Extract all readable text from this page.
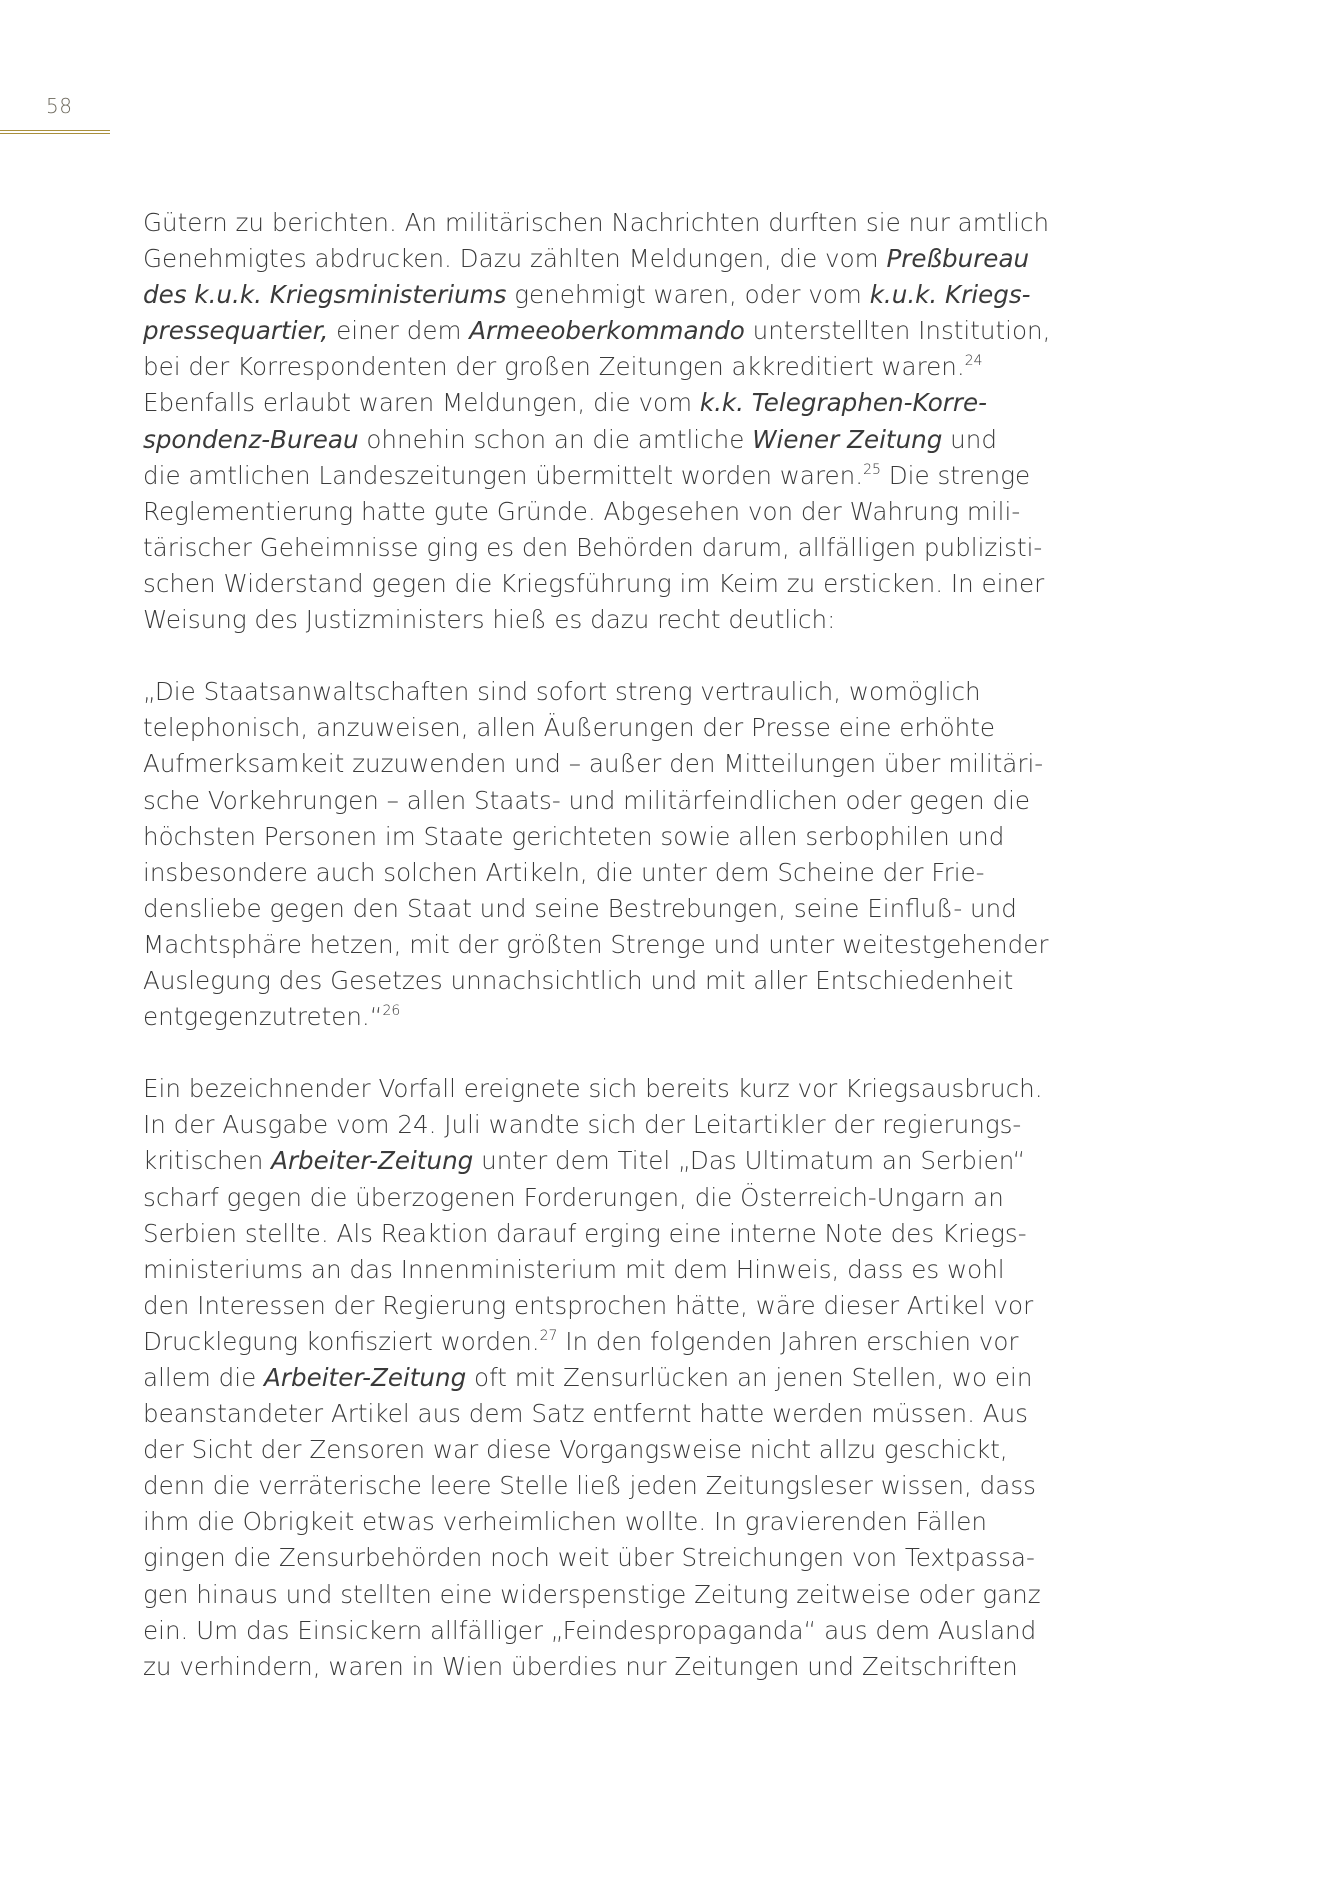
58
Gütern zu berichten. An militärischen Nachrichten durften sie nur amtlich
Genehmigtes abdrucken. Dazu zählten Meldungen, die vom Preßbureau
des k.u.k. Kriegsministeriums genehmigt waren, oder vom k.u.k. Kriegs-
pressequartier, einer dem Armeeoberkommando unterstellten Institution,
bei der Korrespondenten der großen Zeitungen akkreditiert waren.$^{24}$
Ebenfalls erlaubt waren Meldungen, die vom k.k. Telegraphen-Korre-
spondenz-Bureau ohnehin schon an die amtliche Wiener Zeitung und
die amtlichen Landeszeitungen übermittelt worden waren.$^{25}$ Die strenge
Reglementierung hatte gute Gründe. Abgesehen von der Wahrung mili-
tärischer Geheimnisse ging es den Behörden darum, allfälligen publizisti-
schen Widerstand gegen die Kriegsführung im Keim zu ersticken. In einer
Weisung des Justizministers hieß es dazu recht deutlich:
„Die Staatsanwaltschaften sind sofort streng vertraulich, womöglich
telephonisch, anzuweisen, allen Äußerungen der Presse eine erhöhte
Aufmerksamkeit zuzuwenden und – außer den Mitteilungen über militäri-
sche Vorkehrungen – allen Staats- und militärfeindlichen oder gegen die
höchsten Personen im Staate gerichteten sowie allen serbophilen und
insbesondere auch solchen Artikeln, die unter dem Scheine der Frie-
densliebe gegen den Staat und seine Bestrebungen, seine Einfluß- und
Machtsphäre hetzen, mit der größten Strenge und unter weitestgehender
Auslegung des Gesetzes unnachsichtlich und mit aller Entschiedenheit
entgegenzutreten.“$^{26}$
Ein bezeichnender Vorfall ereignete sich bereits kurz vor Kriegsausbruch.
In der Ausgabe vom 24. Juli wandte sich der Leitartikler der regierungs-
kritischen Arbeiter-Zeitung unter dem Titel „Das Ultimatum an Serbien“
scharf gegen die überzogenen Forderungen, die Österreich-Ungarn an
Serbien stellte. Als Reaktion darauf erging eine interne Note des Kriegs-
ministeriums an das Innenministerium mit dem Hinweis, dass es wohl
den Interessen der Regierung entsprochen hätte, wäre dieser Artikel vor
Drucklegung konfisziert worden.$^{27}$ In den folgenden Jahren erschien vor
allem die Arbeiter-Zeitung oft mit Zensurlücken an jenen Stellen, wo ein
beanstandeter Artikel aus dem Satz entfernt hatte werden müssen. Aus
der Sicht der Zensoren war diese Vorgangsweise nicht allzu geschickt,
denn die verräterische leere Stelle ließ jeden Zeitungsleser wissen, dass
ihm die Obrigkeit etwas verheimlichen wollte. In gravierenden Fällen
gingen die Zensurbehörden noch weit über Streichungen von Textpassa-
gen hinaus und stellten eine widerspenstige Zeitung zeitweise oder ganz
ein. Um das Einsickern allfälliger „Feindespropaganda“ aus dem Ausland
zu verhindern, waren in Wien überdies nur Zeitungen und Zeitschriften
